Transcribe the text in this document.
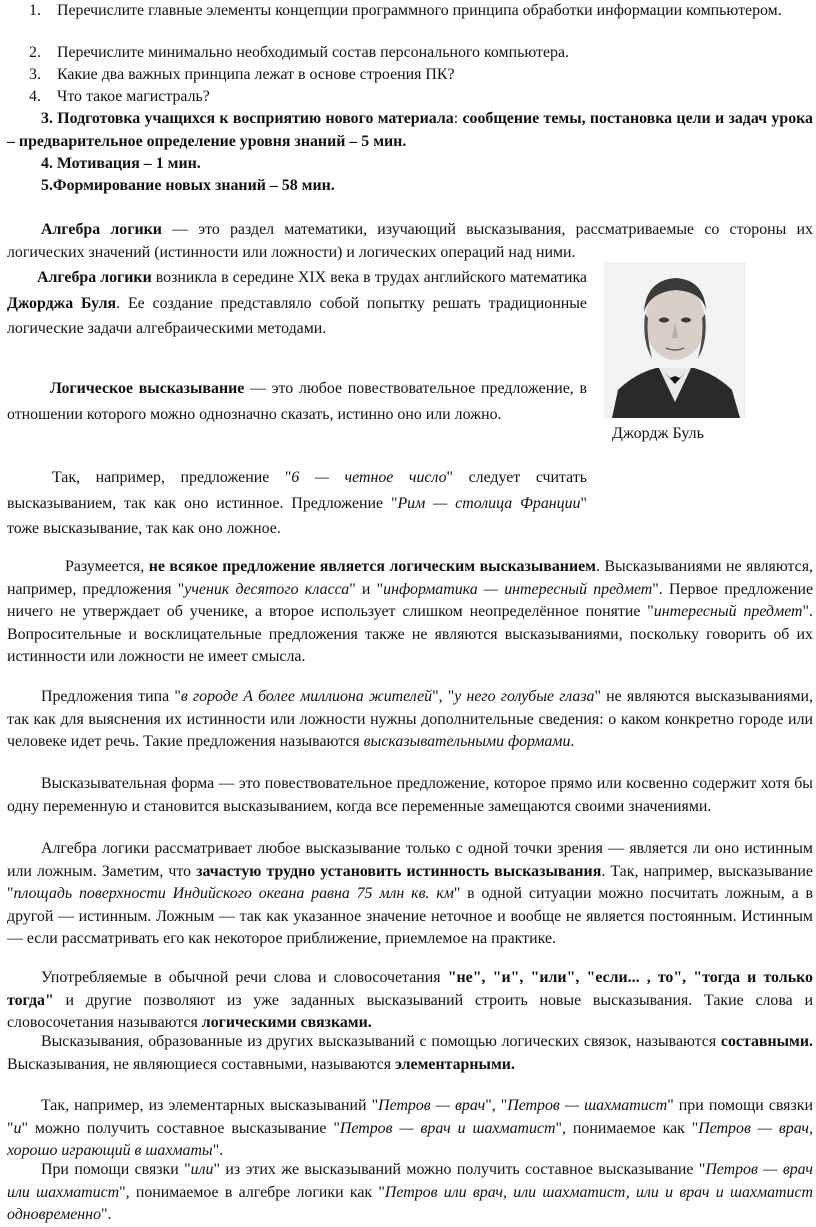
1. Перечислите главные элементы концепции программного принципа обработки информации компьютером.
2. Перечислите минимально необходимый состав персонального компьютера.
3. Какие два важных принципа лежат в основе строения ПК?
4. Что такое магистраль?
3. Подготовка учащихся к восприятию нового материала: сообщение темы, постановка цели и задач урока – предварительное определение уровня знаний – 5 мин.
4. Мотивация – 1 мин.
5.Формирование новых знаний – 58 мин.
Алгебра логики — это раздел математики, изучающий высказывания, рассматриваемые со стороны их логических значений (истинности или ложности) и логических операций над ними.
Алгебра логики возникла в середине XIX века в трудах английского математика Джорджа Буля. Ее создание представляло собой попытку решать традиционные логические задачи алгебраическими методами.
Логическое высказывание — это любое повествовательное предложение, в отношении которого можно однозначно сказать, истинно оно или ложно.
Джордж Буль
Так, например, предложение "6 — четное число" следует считать высказыванием, так как оно истинное. Предложение "Рим — столица Франции" тоже высказывание, так как оно ложное.
Разумеется, не всякое предложение является логическим высказыванием. Высказываниями не являются, например, предложения "ученик десятого класса" и "информатика — интересный предмет". Первое предложение ничего не утверждает об ученике, а второе использует слишком неопределённое понятие "интересный предмет". Вопросительные и восклицательные предложения также не являются высказываниями, поскольку говорить об их истинности или ложности не имеет смысла.
Предложения типа "в городе А более миллиона жителей", "у него голубые глаза" не являются высказываниями, так как для выяснения их истинности или ложности нужны дополнительные сведения: о каком конкретно городе или человеке идет речь. Такие предложения называются высказывательными формами.
Высказывательная форма — это повествовательное предложение, которое прямо или косвенно содержит хотя бы одну переменную и становится высказыванием, когда все переменные замещаются своими значениями.
Алгебра логики рассматривает любое высказывание только с одной точки зрения — является ли оно истинным или ложным. Заметим, что зачастую трудно установить истинность высказывания. Так, например, высказывание "площадь поверхности Индийского океана равна 75 млн кв. км" в одной ситуации можно посчитать ложным, а в другой — истинным. Ложным — так как указанное значение неточное и вообще не является постоянным. Истинным — если рассматривать его как некоторое приближение, приемлемое на практике.
Употребляемые в обычной речи слова и словосочетания "не", "и", "или", "если... , то", "тогда и только тогда" и другие позволяют из уже заданных высказываний строить новые высказывания. Такие слова и словосочетания называются логическими связками.
Высказывания, образованные из других высказываний с помощью логических связок, называются составными. Высказывания, не являющиеся составными, называются элементарными.
Так, например, из элементарных высказываний "Петров — врач", "Петров — шахматист" при помощи связки "и" можно получить составное высказывание "Петров — врач и шахматист", понимаемое как "Петров — врач, хорошо играющий в шахматы".
При помощи связки "или" из этих же высказываний можно получить составное высказывание "Петров — врач или шахматист", понимаемое в алгебре логики как "Петров или врач, или шахматист, или и врач и шахматист одновременно".
